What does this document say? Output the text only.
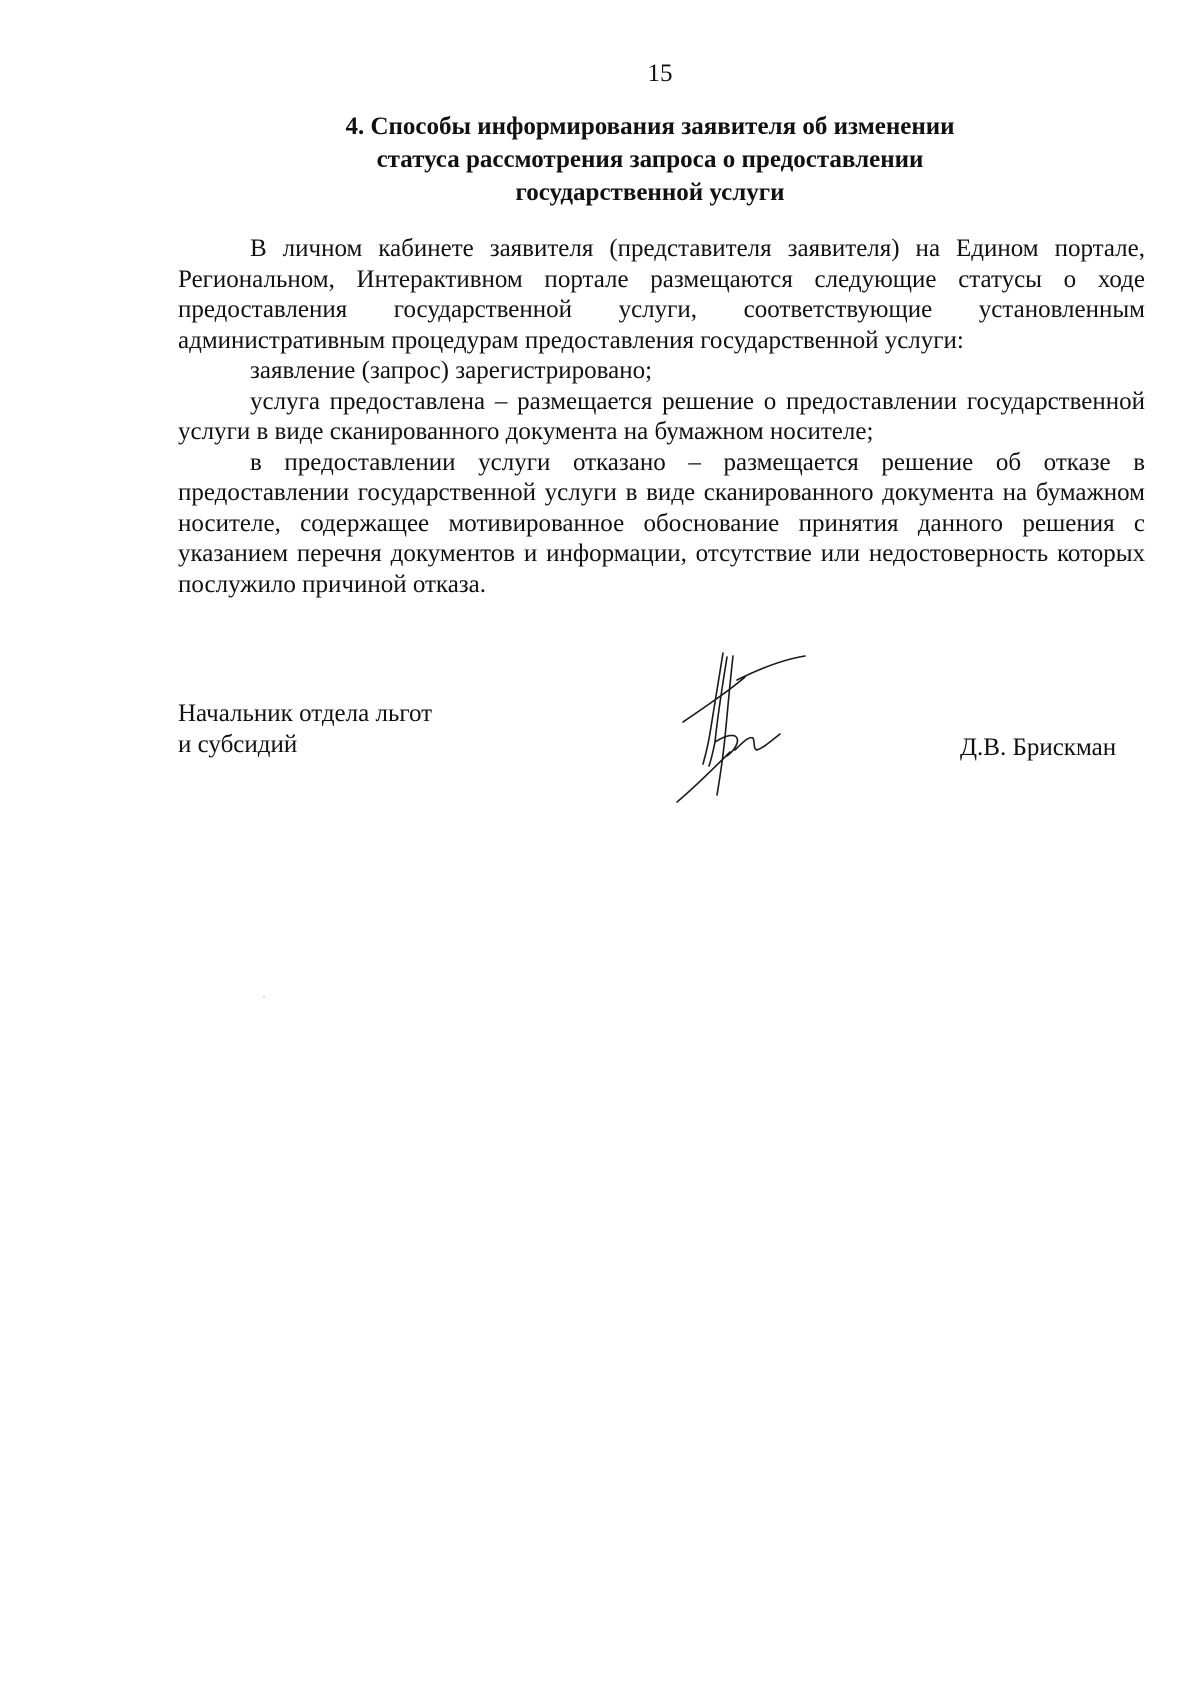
15
4. Способы информирования заявителя об изменении
статуса рассмотрения запроса о предоставлении
государственной услуги

В личном кабинете заявителя (представителя заявителя) на Едином портале, Региональном, Интерактивном портале размещаются следующие статусы о ходе предоставления государственной услуги, соответствующие установленным административным процедурам предоставления государственной услуги:

заявление (запрос) зарегистрировано;

услуга предоставлена – размещается решение о предоставлении государственной услуги в виде сканированного документа на бумажном носителе;

в предоставлении услуги отказано – размещается решение об отказе в предоставлении государственной услуги в виде сканированного документа на бумажном носителе, содержащее мотивированное обоснование принятия данного решения с указанием перечня документов и информации, отсутствие или недостоверность которых послужило причиной отказа.

Начальник отдела льгот
и субсидий	Д.В. Брискман
